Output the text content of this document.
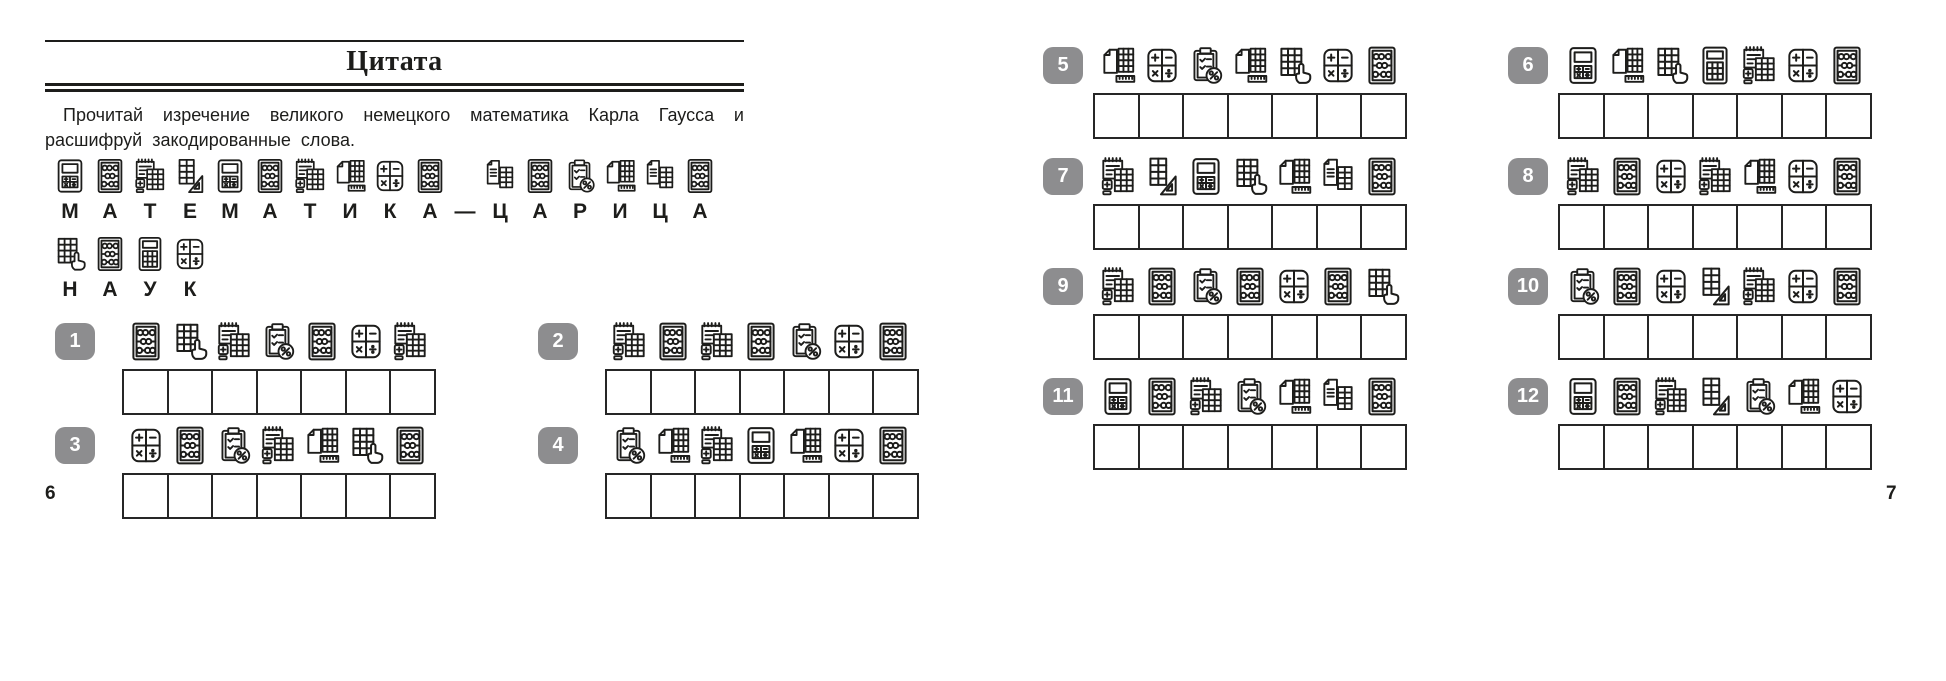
Цитата

Прочитай изречение великого немецкого математика Карла Гаусса и
расшифруй закодированные слова.

М А Т Е М А Т И К А — Ц А Р И Ц А
Н А У К
6	7
1	2
3	4
5	6
7	8
9	10
11	12
